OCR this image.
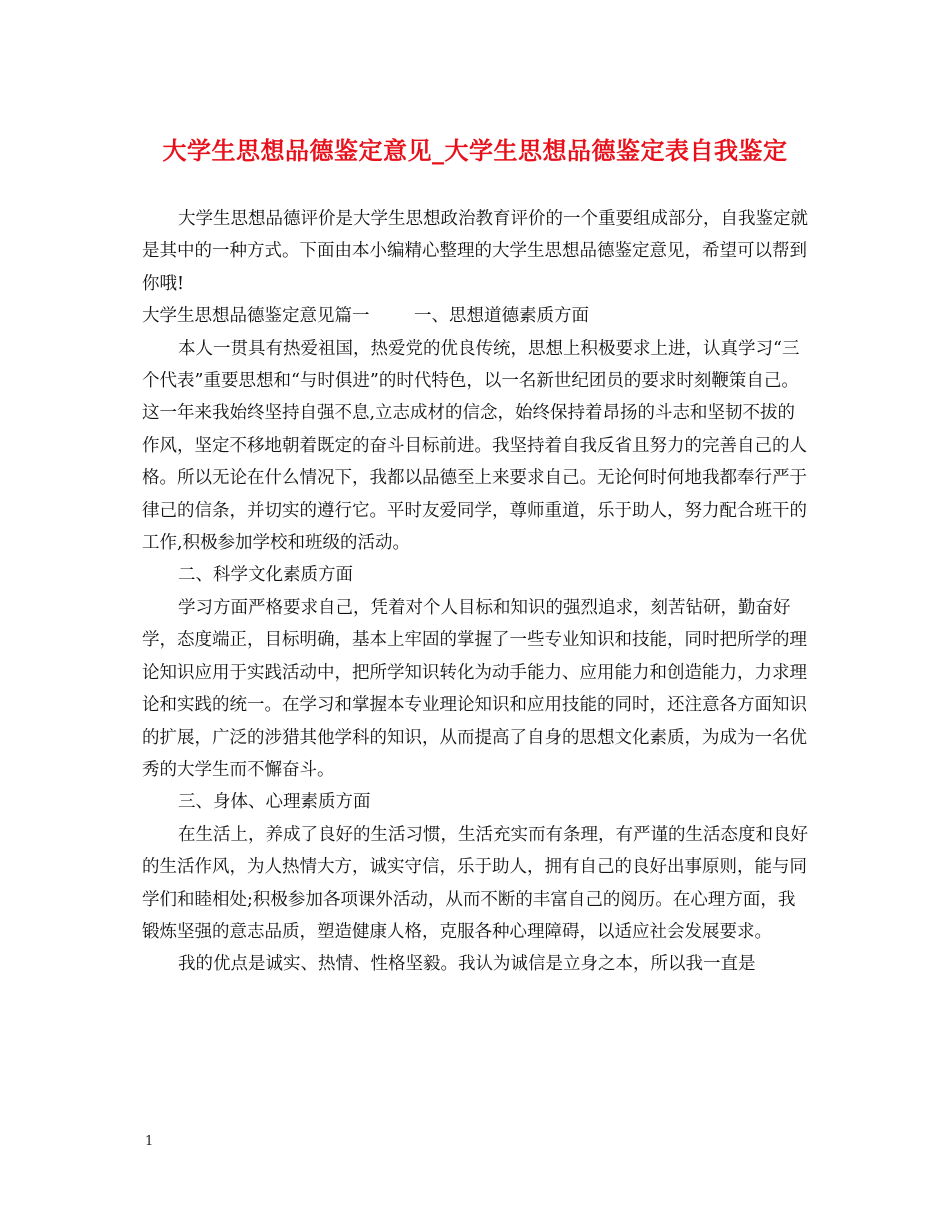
大学生思想品德鉴定意见_大学生思想品德鉴定表自我鉴定

大学生思想品德评价是大学生思想政治教育评价的一个重要组成部分，自我鉴定就是其中的一种方式。下面由本小编精心整理的大学生思想品德鉴定意见，希望可以帮到你哦!

大学生思想品德鉴定意见篇一	一、思想道德素质方面

本人一贯具有热爱祖国，热爱党的优良传统，思想上积极要求上进，认真学习“三个代表”重要思想和“与时俱进”的时代特色，以一名新世纪团员的要求时刻鞭策自己。这一年来我始终坚持自强不息,立志成材的信念，始终保持着昂扬的斗志和坚韧不拔的作风，坚定不移地朝着既定的奋斗目标前进。我坚持着自我反省且努力的完善自己的人格。所以无论在什么情况下，我都以品德至上来要求自己。无论何时何地我都奉行严于律己的信条，并切实的遵行它。平时友爱同学，尊师重道，乐于助人，努力配合班干的工作,积极参加学校和班级的活动。

二、科学文化素质方面

学习方面严格要求自己，凭着对个人目标和知识的强烈追求，刻苦钻研，勤奋好学，态度端正，目标明确，基本上牢固的掌握了一些专业知识和技能，同时把所学的理论知识应用于实践活动中，把所学知识转化为动手能力、应用能力和创造能力，力求理论和实践的统一。在学习和掌握本专业理论知识和应用技能的同时，还注意各方面知识的扩展，广泛的涉猎其他学科的知识，从而提高了自身的思想文化素质，为成为一名优秀的大学生而不懈奋斗。

三、身体、心理素质方面

在生活上，养成了良好的生活习惯，生活充实而有条理，有严谨的生活态度和良好的生活作风，为人热情大方，诚实守信，乐于助人，拥有自己的良好出事原则，能与同学们和睦相处;积极参加各项课外活动，从而不断的丰富自己的阅历。在心理方面，我锻炼坚强的意志品质，塑造健康人格，克服各种心理障碍，以适应社会发展要求。

我的优点是诚实、热情、性格坚毅。我认为诚信是立身之本，所以我一直是

1
